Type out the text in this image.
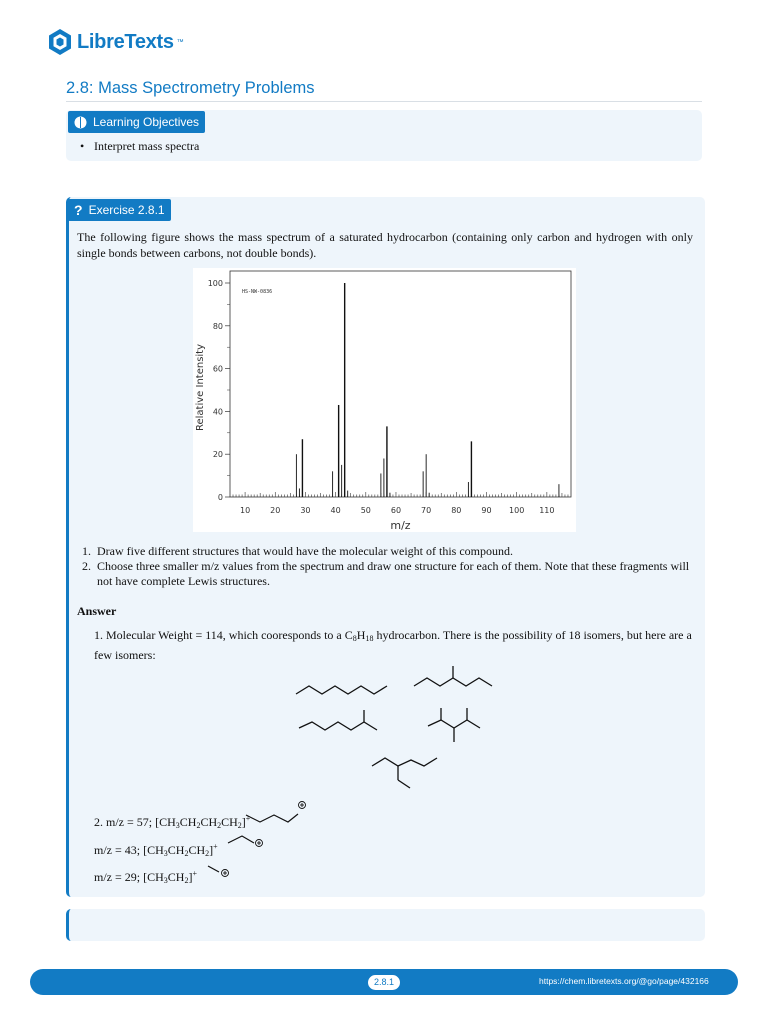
LibreTexts ™
2.8: Mass Spectrometry Problems
Learning Objectives
• Interpret mass spectra
? Exercise 2.8.1
The following figure shows the mass spectrum of a saturated hydrocarbon (containing only carbon and hydrogen with only single bonds between carbons, not double bonds).
10 20 30 40 50 60 70 80 90 100 110
0
20
40
60
80
100
HS-NW-0836
m/z
Relative Intensity
1. Draw five different structures that would have the molecular weight of this compound.
2. Choose three smaller m/z values from the spectrum and draw one structure for each of them. Note that these fragments will not have complete Lewis structures.
Answer
1. Molecular Weight = 114, which cooresponds to a $C_8H_{18}$ hydrocarbon. There is the possibility of 18 isomers, but here are a few isomers:
2. m/z = 57; $[CH_3CH_2CH_2CH_2]^+$
m/z = 43; $[CH_3CH_2CH_2]^+$
m/z = 29; $[CH_3CH_2]^+$
2.8.1	https://chem.libretexts.org/@go/page/432166
